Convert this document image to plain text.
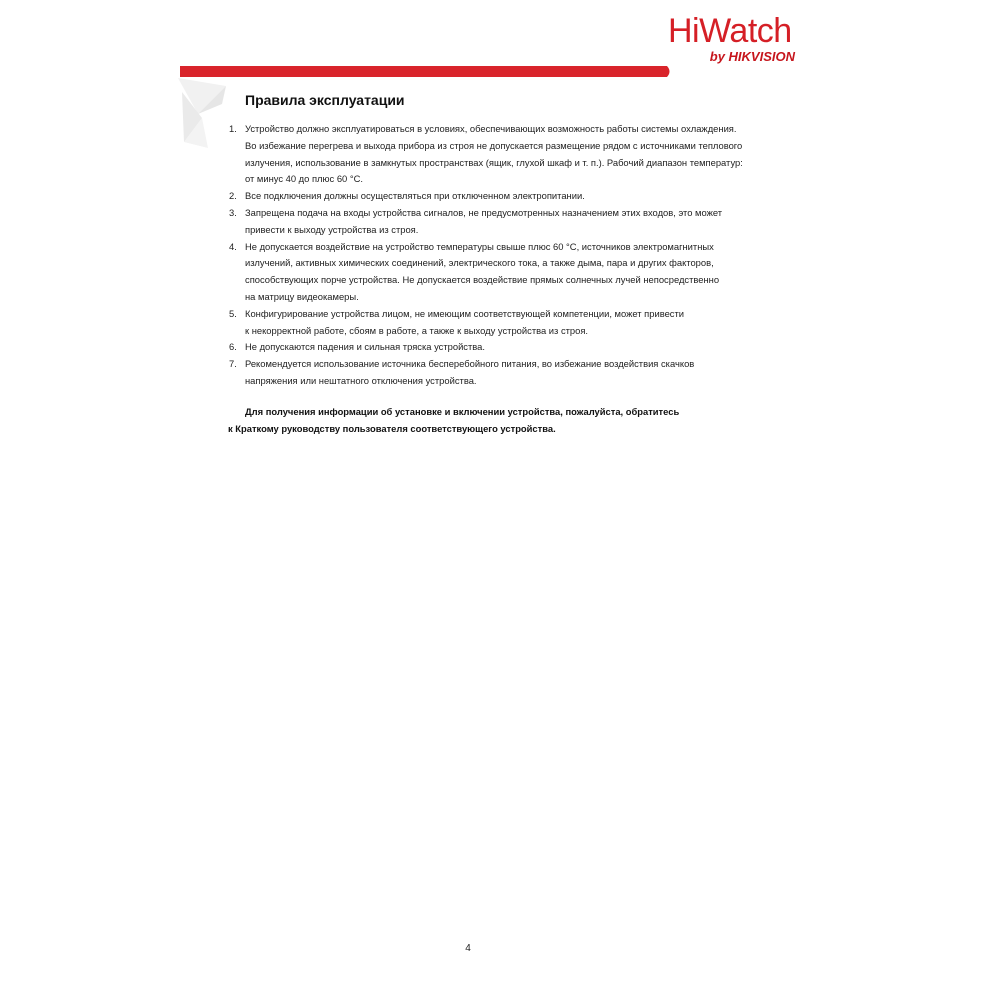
HiWatch
by HIKVISION
Правила эксплуатации
1. Устройство должно эксплуатироваться в условиях, обеспечивающих возможность работы системы охлаждения.
Во избежание перегрева и выхода прибора из строя не допускается размещение рядом с источниками теплового
излучения, использование в замкнутых пространствах (ящик, глухой шкаф и т. п.). Рабочий диапазон температур:
от минус 40 до плюс 60 °C.
2. Все подключения должны осуществляться при отключенном электропитании.
3. Запрещена подача на входы устройства сигналов, не предусмотренных назначением этих входов, это может
привести к выходу устройства из строя.
4. Не допускается воздействие на устройство температуры свыше плюс 60 °C, источников электромагнитных
излучений, активных химических соединений, электрического тока, а также дыма, пара и других факторов,
способствующих порче устройства. Не допускается воздействие прямых солнечных лучей непосредственно
на матрицу видеокамеры.
5. Конфигурирование устройства лицом, не имеющим соответствующей компетенции, может привести
к некорректной работе, сбоям в работе, а также к выходу устройства из строя.
6. Не допускаются падения и сильная тряска устройства.
7. Рекомендуется использование источника бесперебойного питания, во избежание воздействия скачков
напряжения или нештатного отключения устройства.
Для получения информации об установке и включении устройства, пожалуйста, обратитесь
к Краткому руководству пользователя соответствующего устройства.
4
